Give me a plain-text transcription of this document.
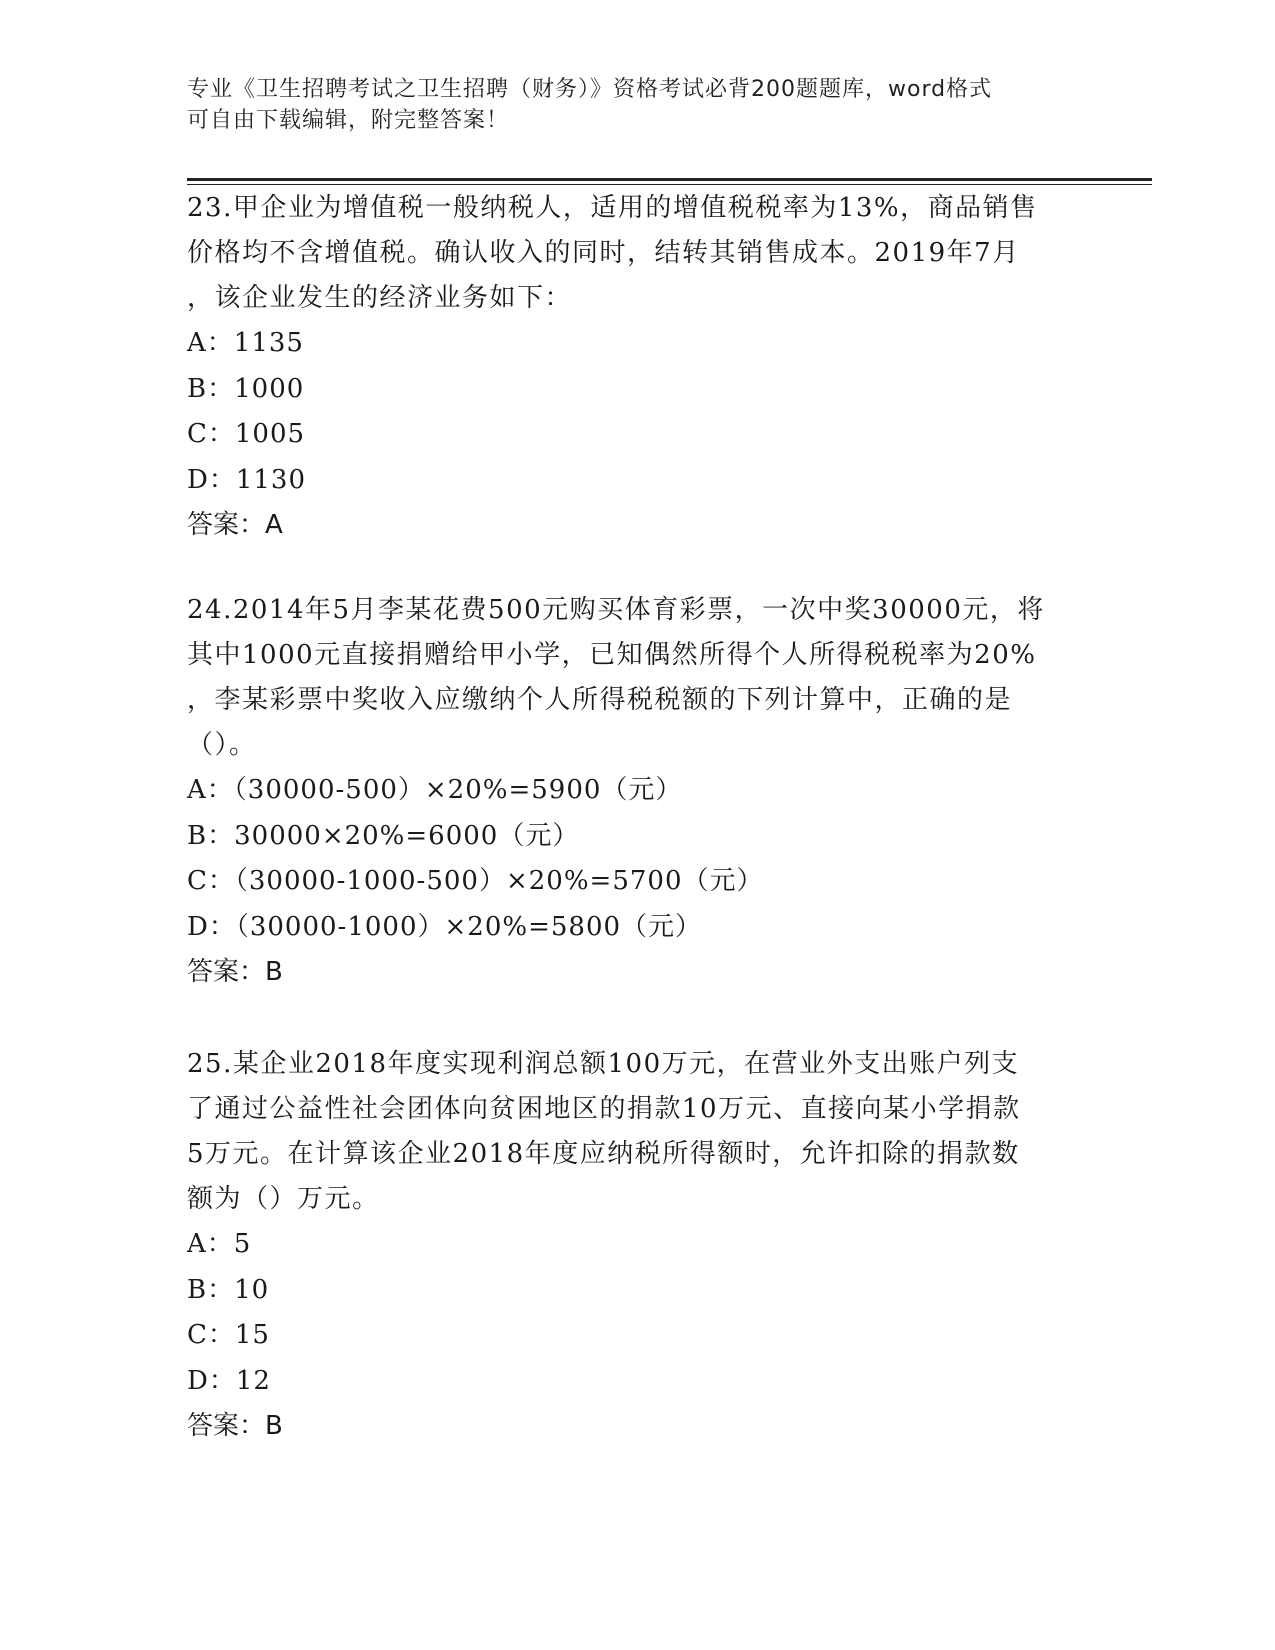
专业《卫生招聘考试之卫生招聘（财务）》资格考试必背200题题库，word格式
可自由下载编辑，附完整答案！
23.甲企业为增值税一般纳税人，适用的增值税税率为13%，商品销售
价格均不含增值税。确认收入的同时，结转其销售成本。2019年7月
，该企业发生的经济业务如下：
A：1135
B：1000
C：1005
D：1130
答案：A
24.2014年5月李某花费500元购买体育彩票，一次中奖30000元，将
其中1000元直接捐赠给甲小学，已知偶然所得个人所得税税率为20%
，李某彩票中奖收入应缴纳个人所得税税额的下列计算中，正确的是
（）。
A：（30000-500）×20%=5900（元）
B：30000×20%=6000（元）
C：（30000-1000-500）×20%=5700（元）
D：（30000-1000）×20%=5800（元）
答案：B
25.某企业2018年度实现利润总额100万元，在营业外支出账户列支
了通过公益性社会团体向贫困地区的捐款10万元、直接向某小学捐款
5万元。在计算该企业2018年度应纳税所得额时，允许扣除的捐款数
额为（）万元。
A：5
B：10
C：15
D：12
答案：B
